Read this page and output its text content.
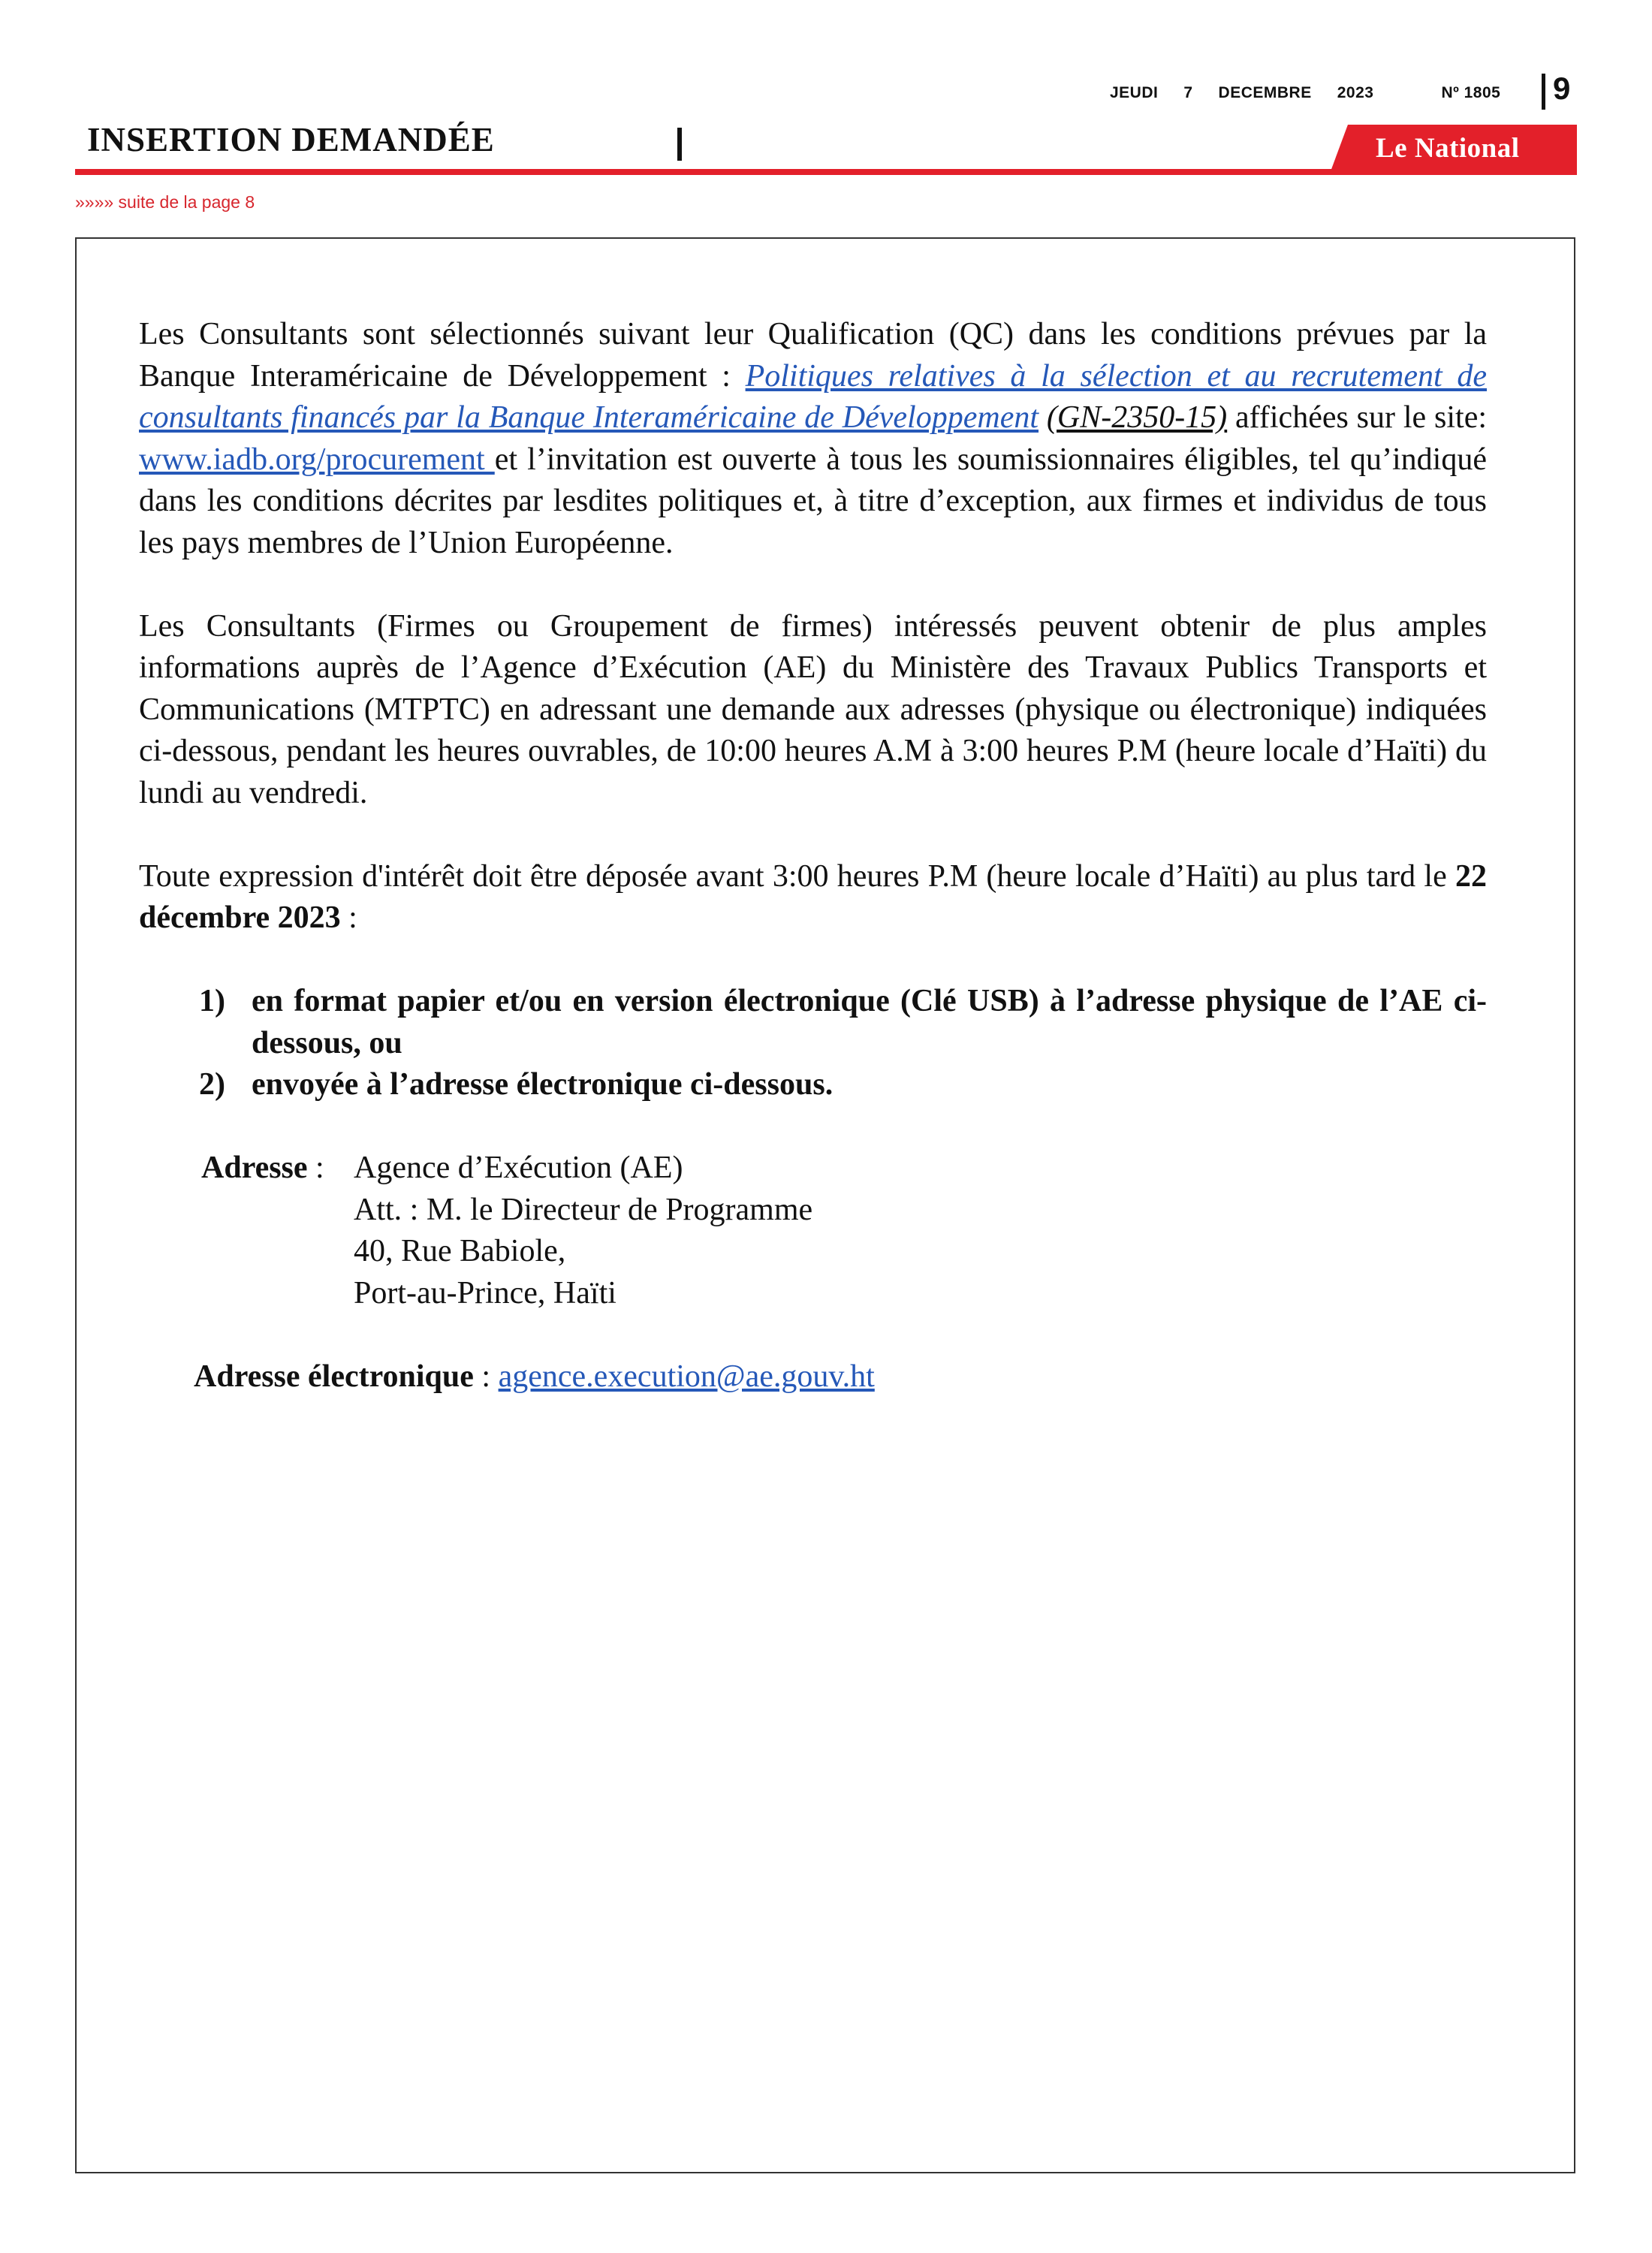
JEUDI 7 DECEMBRE 2023	Nº 1805 9
INSERTION DEMANDÉE	Le National
»»»» suite de la page 8

Les Consultants sont sélectionnés suivant leur Qualification (QC) dans les conditions prévues par la Banque Interaméricaine de Développement : Politiques relatives à la sélection et au recrutement de consultants financés par la Banque Interaméricaine de Développement (GN-2350-15) affichées sur le site: www.iadb.org/procurement et l’invitation est ouverte à tous les soumissionnaires éligibles, tel qu’indiqué dans les conditions décrites par lesdites politiques et, à titre d’exception, aux firmes et individus de tous les pays membres de l’Union Européenne.

Les Consultants (Firmes ou Groupement de firmes) intéressés peuvent obtenir de plus amples informations auprès de l’Agence d’Exécution (AE) du Ministère des Travaux Publics Transports et Communications (MTPTC) en adressant une demande aux adresses (physique ou électronique) indiquées ci-dessous, pendant les heures ouvrables, de 10:00 heures A.M à 3:00 heures P.M (heure locale d’Haïti) du lundi au vendredi.

Toute expression d'intérêt doit être déposée avant 3:00 heures P.M (heure locale d’Haïti) au plus tard le 22 décembre 2023 :

1) en format papier et/ou en version électronique (Clé USB) à l’adresse physique de l’AE ci-dessous, ou
2) envoyée à l’adresse électronique ci-dessous.
Adresse : Agence d’Exécution (AE)
Att. : M. le Directeur de Programme
40, Rue Babiole,
Port-au-Prince, Haïti
Adresse électronique : agence.execution@ae.gouv.ht
